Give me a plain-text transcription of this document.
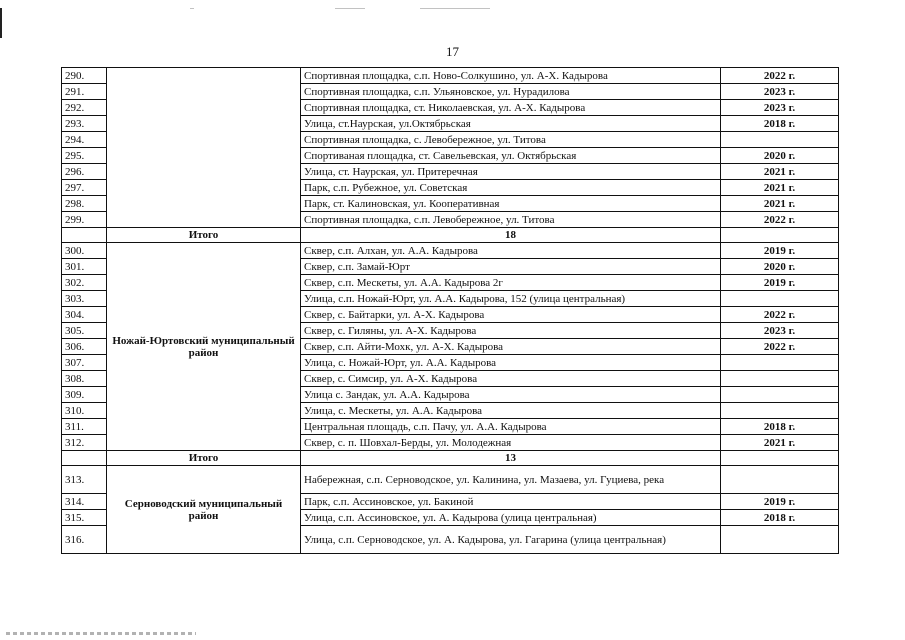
17
290.		Спортивная площадка, с.п. Ново-Солкушино, ул. А-Х. Кадырова	2022 г.
291.		Спортивная площадка, с.п. Ульяновское, ул. Нурадилова	2023 г.
292.		Спортивная площадка, ст. Николаевская, ул. А-Х. Кадырова	2023 г.
293.		Улица, ст.Наурская, ул.Октябрьская	2018 г.
294.		Спортивная площадка, с. Левобережное, ул. Титова	
295.		Спортиваная площадка, ст. Савельевская, ул. Октябрьская	2020 г.
296.		Улица, ст. Наурская, ул. Притеречная	2021 г.
297.		Парк, с.п. Рубежное, ул. Советская	2021 г.
298.		Парк, ст. Калиновская, ул. Кооперативная	2021 г.
299.		Спортивная площадка, с.п. Левобережное, ул. Титова	2022 г.
	Итого	18	
300.	Ножай-Юртовский муниципальный район	Сквер, с.п. Алхан, ул. А.А. Кадырова	2019 г.
301.		Сквер, с.п. Замай-Юрт	2020 г.
302.		Сквер, с.п. Мескеты, ул. А.А. Кадырова 2г	2019 г.
303.		Улица, с.п. Ножай-Юрт, ул. А.А. Кадырова, 152 (улица центральная)	
304.		Сквер, с. Байтарки, ул. А-Х. Кадырова	2022 г.
305.		Сквер, с. Гиляны, ул. А-Х. Кадырова	2023 г.
306.		Сквер, с.п. Айти-Мохк, ул. А-Х. Кадырова	2022 г.
307.		Улица, с. Ножай-Юрт, ул. А.А. Кадырова	
308.		Сквер, с. Симсир, ул. А-Х. Кадырова	
309.		Улица с. Зандак, ул. А.А. Кадырова	
310.		Улица, с. Мескеты, ул. А.А. Кадырова	
311.		Центральная площадь, с.п. Пачу, ул. А.А. Кадырова	2018 г.
312.		Сквер, с. п. Шовхал-Берды, ул. Молодежная	2021 г.
	Итого	13	
313.	Серноводский муниципальный район	Набережная, с.п. Серноводское, ул. Калинина, ул. Мазаева, ул. Гуциева, река	
314.		Парк, с.п. Ассиновское, ул. Бакиной	2019 г.
315.		Улица, с.п. Ассиновское, ул. А. Кадырова (улица центральная)	2018 г.
316.		Улица, с.п. Серноводское, ул. А. Кадырова, ул. Гагарина (улица центральная)	
